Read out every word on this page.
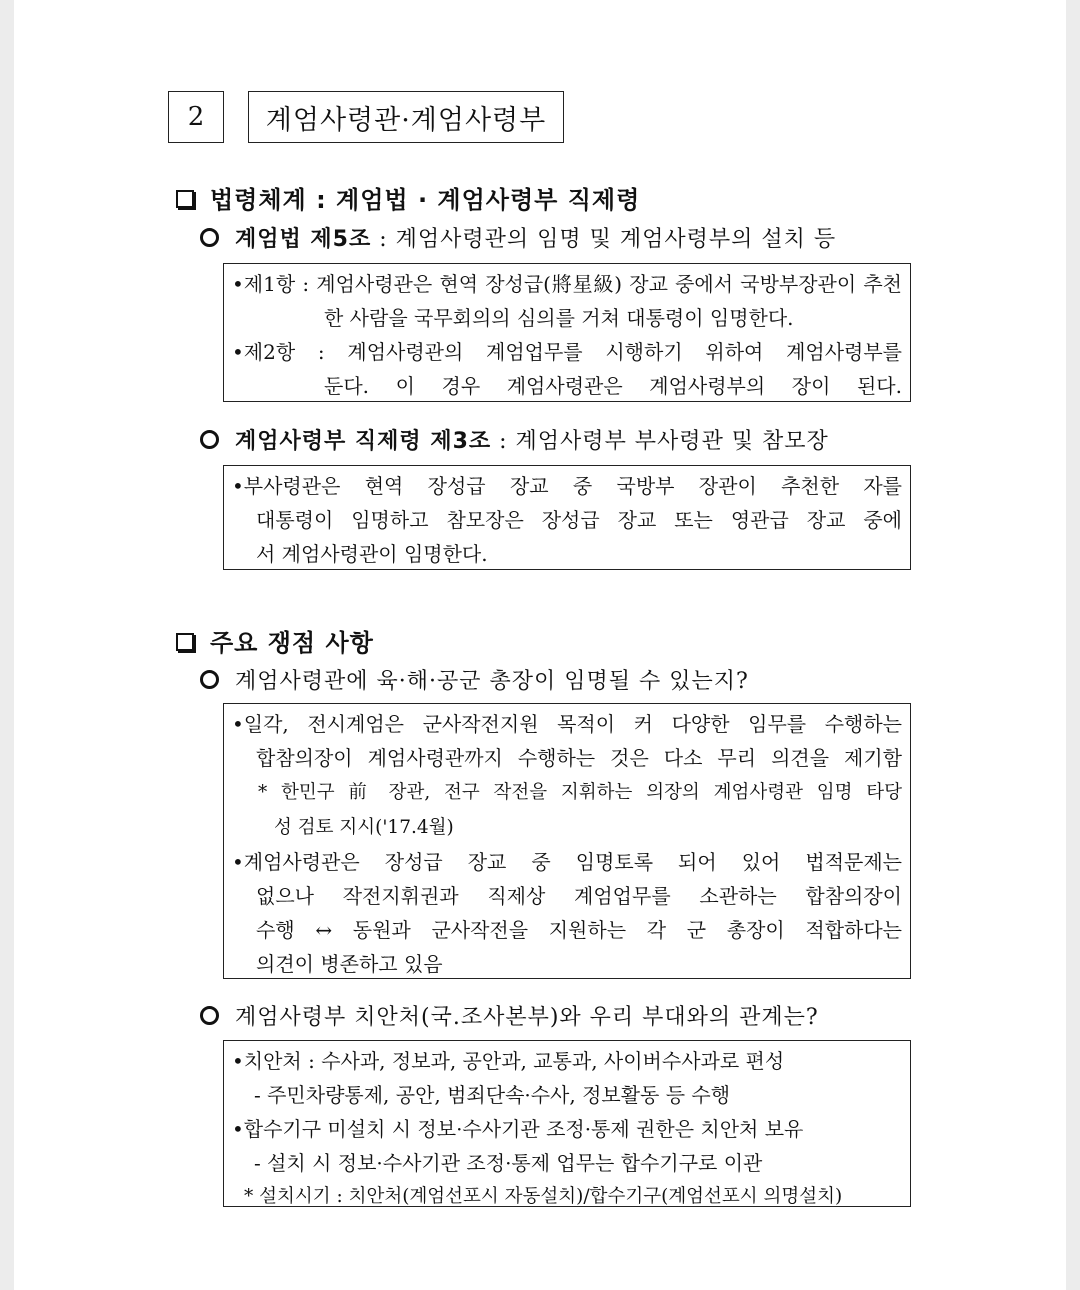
2	계엄사령관·계엄사령부
법령체계 : 계엄법 · 계엄사령부 직제령
계엄법 제5조 : 계엄사령관의 임명 및 계엄사령부의 설치 등
•제1항 : 계엄사령관은 현역 장성급(將星級) 장교 중에서 국방부장관이 추천
한 사람을 국무회의의 심의를 거쳐 대통령이 임명한다.
•제2항 : 계엄사령관의 계엄업무를 시행하기 위하여 계엄사령부를
둔다. 이 경우 계엄사령관은 계엄사령부의 장이 된다.
계엄사령부 직제령 제3조 : 계엄사령부 부사령관 및 참모장
•부사령관은 현역 장성급 장교 중 국방부 장관이 추천한 자를
대통령이 임명하고 참모장은 장성급 장교 또는 영관급 장교 중에
서 계엄사령관이 임명한다.
주요 쟁점 사항
계엄사령관에 육·해·공군 총장이 임명될 수 있는지?
•일각, 전시계엄은 군사작전지원 목적이 커 다양한 임무를 수행하는
합참의장이 계엄사령관까지 수행하는 것은 다소 무리 의견을 제기함
* 한민구 前 장관, 전구 작전을 지휘하는 의장의 계엄사령관 임명 타당
성 검토 지시('17.4월)
•계엄사령관은 장성급 장교 중 임명토록 되어 있어 법적문제는
없으나 작전지휘권과 직제상 계엄업무를 소관하는 합참의장이
수행 ↔ 동원과 군사작전을 지원하는 각 군 총장이 적합하다는
의견이 병존하고 있음
계엄사령부 치안처(국.조사본부)와 우리 부대와의 관계는?
•치안처 : 수사과, 정보과, 공안과, 교통과, 사이버수사과로 편성
- 주민차량통제, 공안, 범죄단속·수사, 정보활동 등 수행
•합수기구 미설치 시 정보·수사기관 조정·통제 권한은 치안처 보유
- 설치 시 정보·수사기관 조정·통제 업무는 합수기구로 이관
* 설치시기 : 치안처(계엄선포시 자동설치)/합수기구(계엄선포시 의명설치)
